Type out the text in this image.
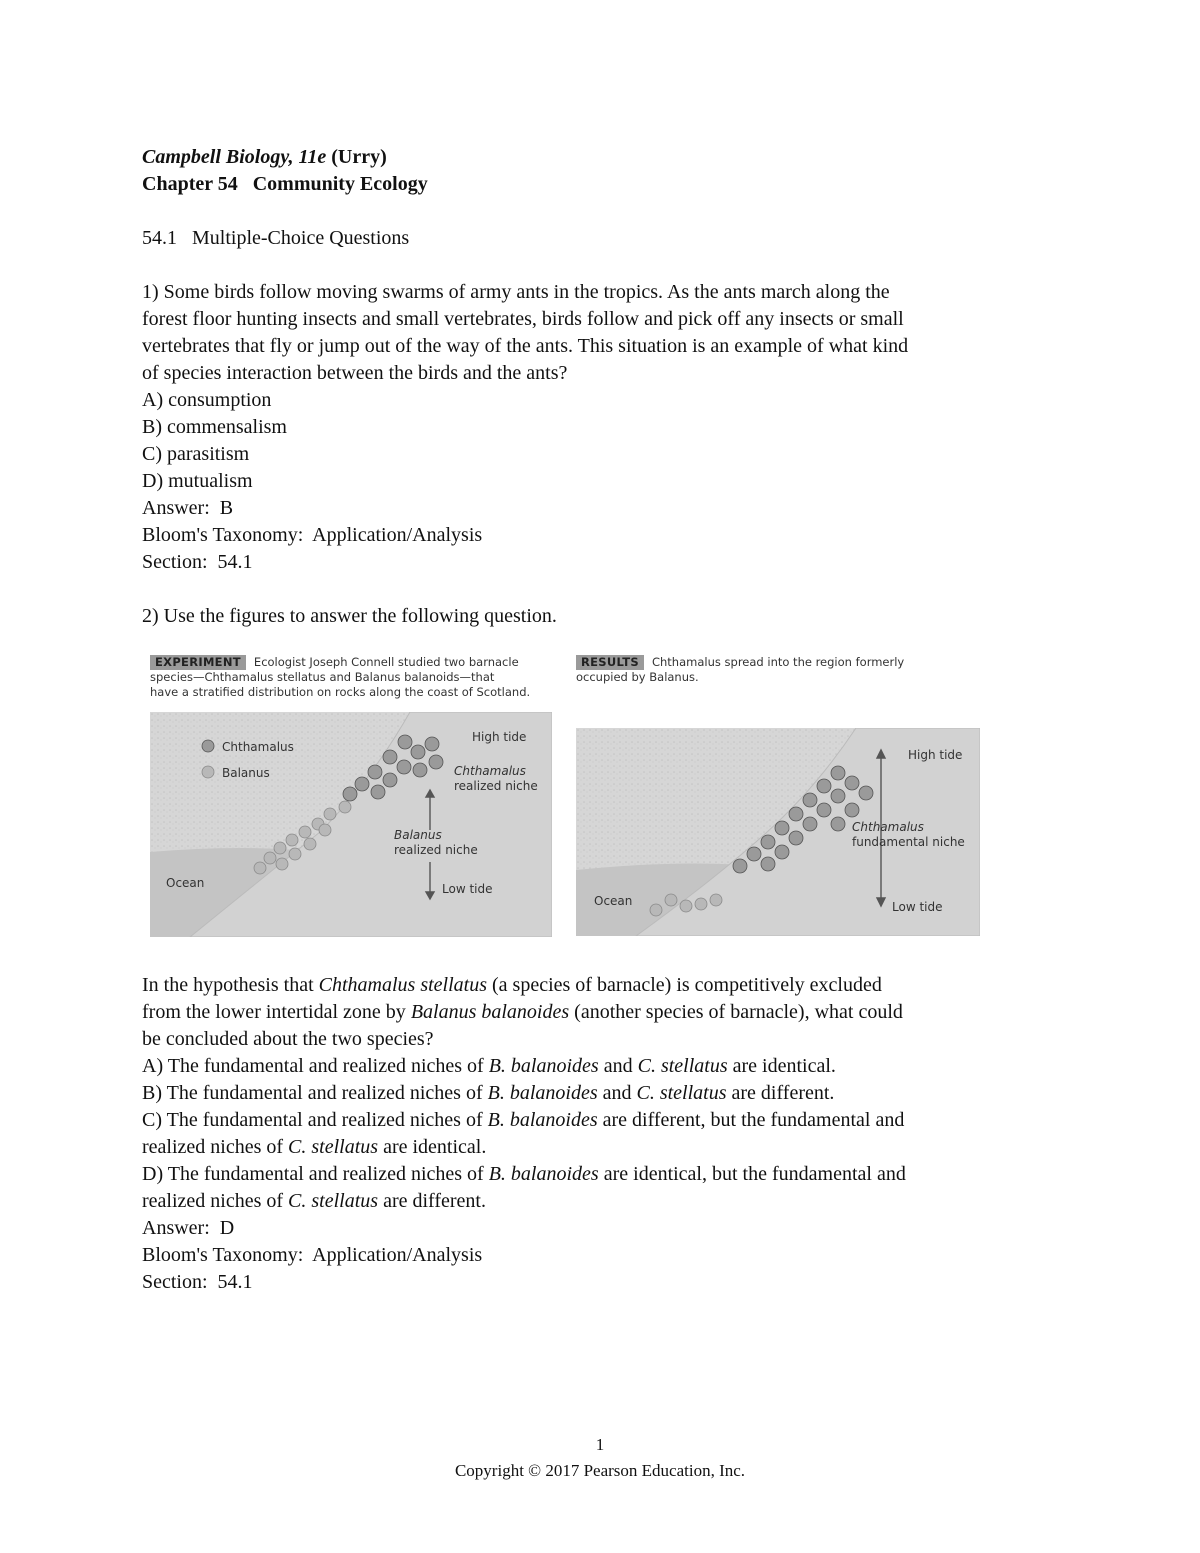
Campbell Biology, 11e (Urry)
Chapter 54   Community Ecology
54.1   Multiple-Choice Questions
1) Some birds follow moving swarms of army ants in the tropics. As the ants march along the
forest floor hunting insects and small vertebrates, birds follow and pick off any insects or small
vertebrates that fly or jump out of the way of the ants. This situation is an example of what kind
of species interaction between the birds and the ants?
A) consumption
B) commensalism
C) parasitism
D) mutualism
Answer:  B
Bloom's Taxonomy:  Application/Analysis
Section:  54.1
2) Use the figures to answer the following question.
EXPERIMENT Ecologist Joseph Connell studied two barnacle
species—Chthamalus stellatus and Balanus balanoids—that
have a stratified distribution on rocks along the coast of Scotland.
Chthamalus
Balanus
High tide
Chthamalus
realized niche
Balanus
realized niche
Ocean	Low tide
RESULTS Chthamalus spread into the region formerly
occupied by Balanus.
High tide
Chthamalus
fundamental niche
Ocean	Low tide
In the hypothesis that Chthamalus stellatus (a species of barnacle) is competitively excluded
from the lower intertidal zone by Balanus balanoides (another species of barnacle), what could
be concluded about the two species?
A) The fundamental and realized niches of B. balanoides and C. stellatus are identical.
B) The fundamental and realized niches of B. balanoides and C. stellatus are different.
C) The fundamental and realized niches of B. balanoides are different, but the fundamental and
realized niches of C. stellatus are identical.
D) The fundamental and realized niches of B. balanoides are identical, but the fundamental and
realized niches of C. stellatus are different.
Answer:  D
Bloom's Taxonomy:  Application/Analysis
Section:  54.1
1
Copyright © 2017 Pearson Education, Inc.
